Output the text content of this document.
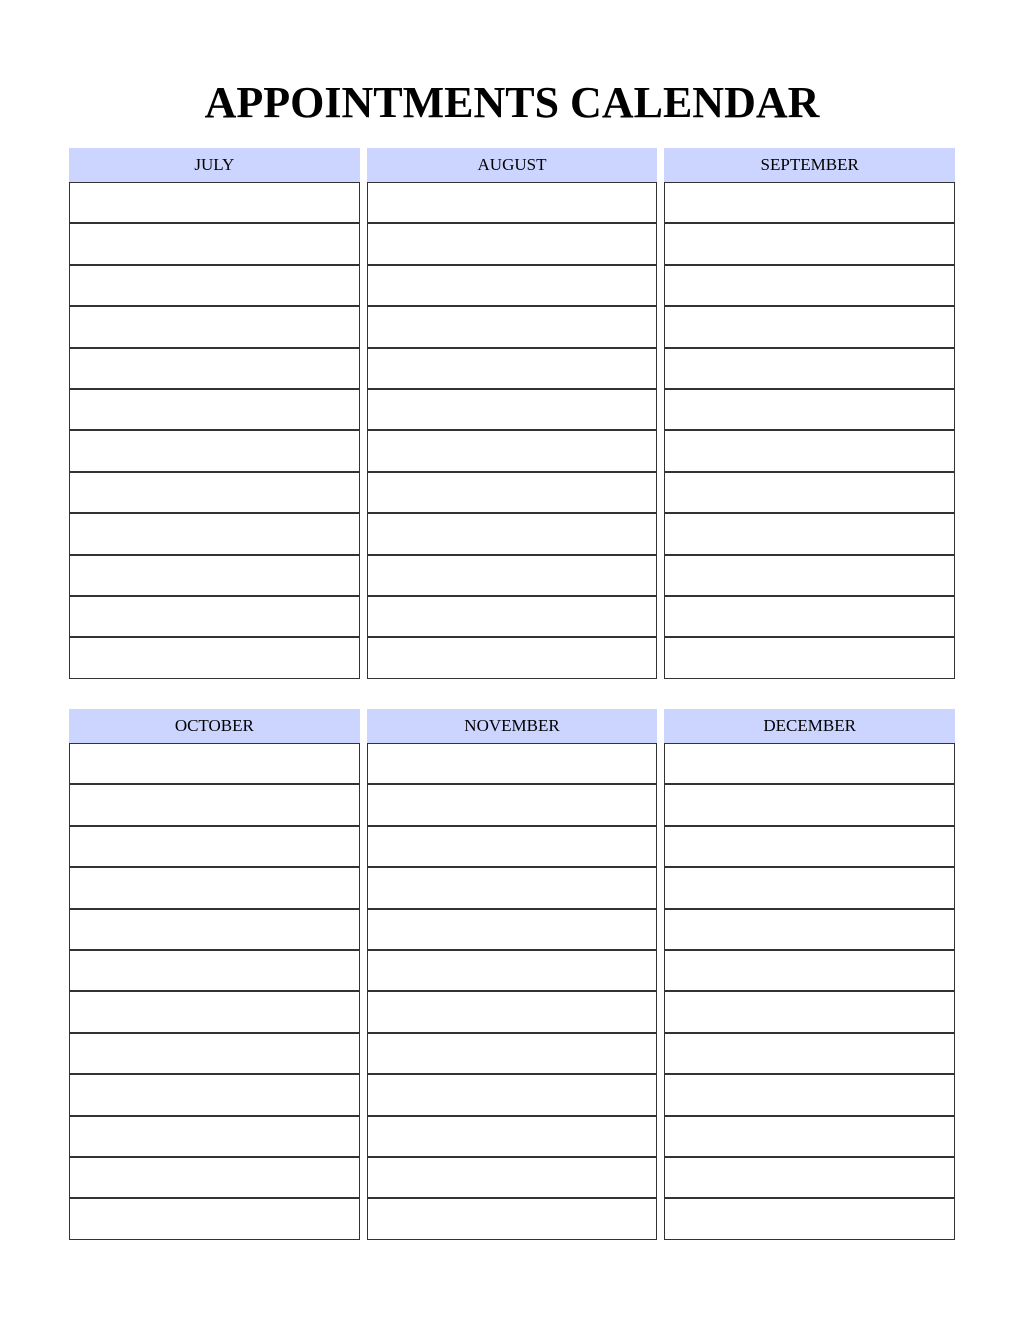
APPOINTMENTS CALENDAR
JULY	AUGUST	SEPTEMBER
OCTOBER	NOVEMBER	DECEMBER
